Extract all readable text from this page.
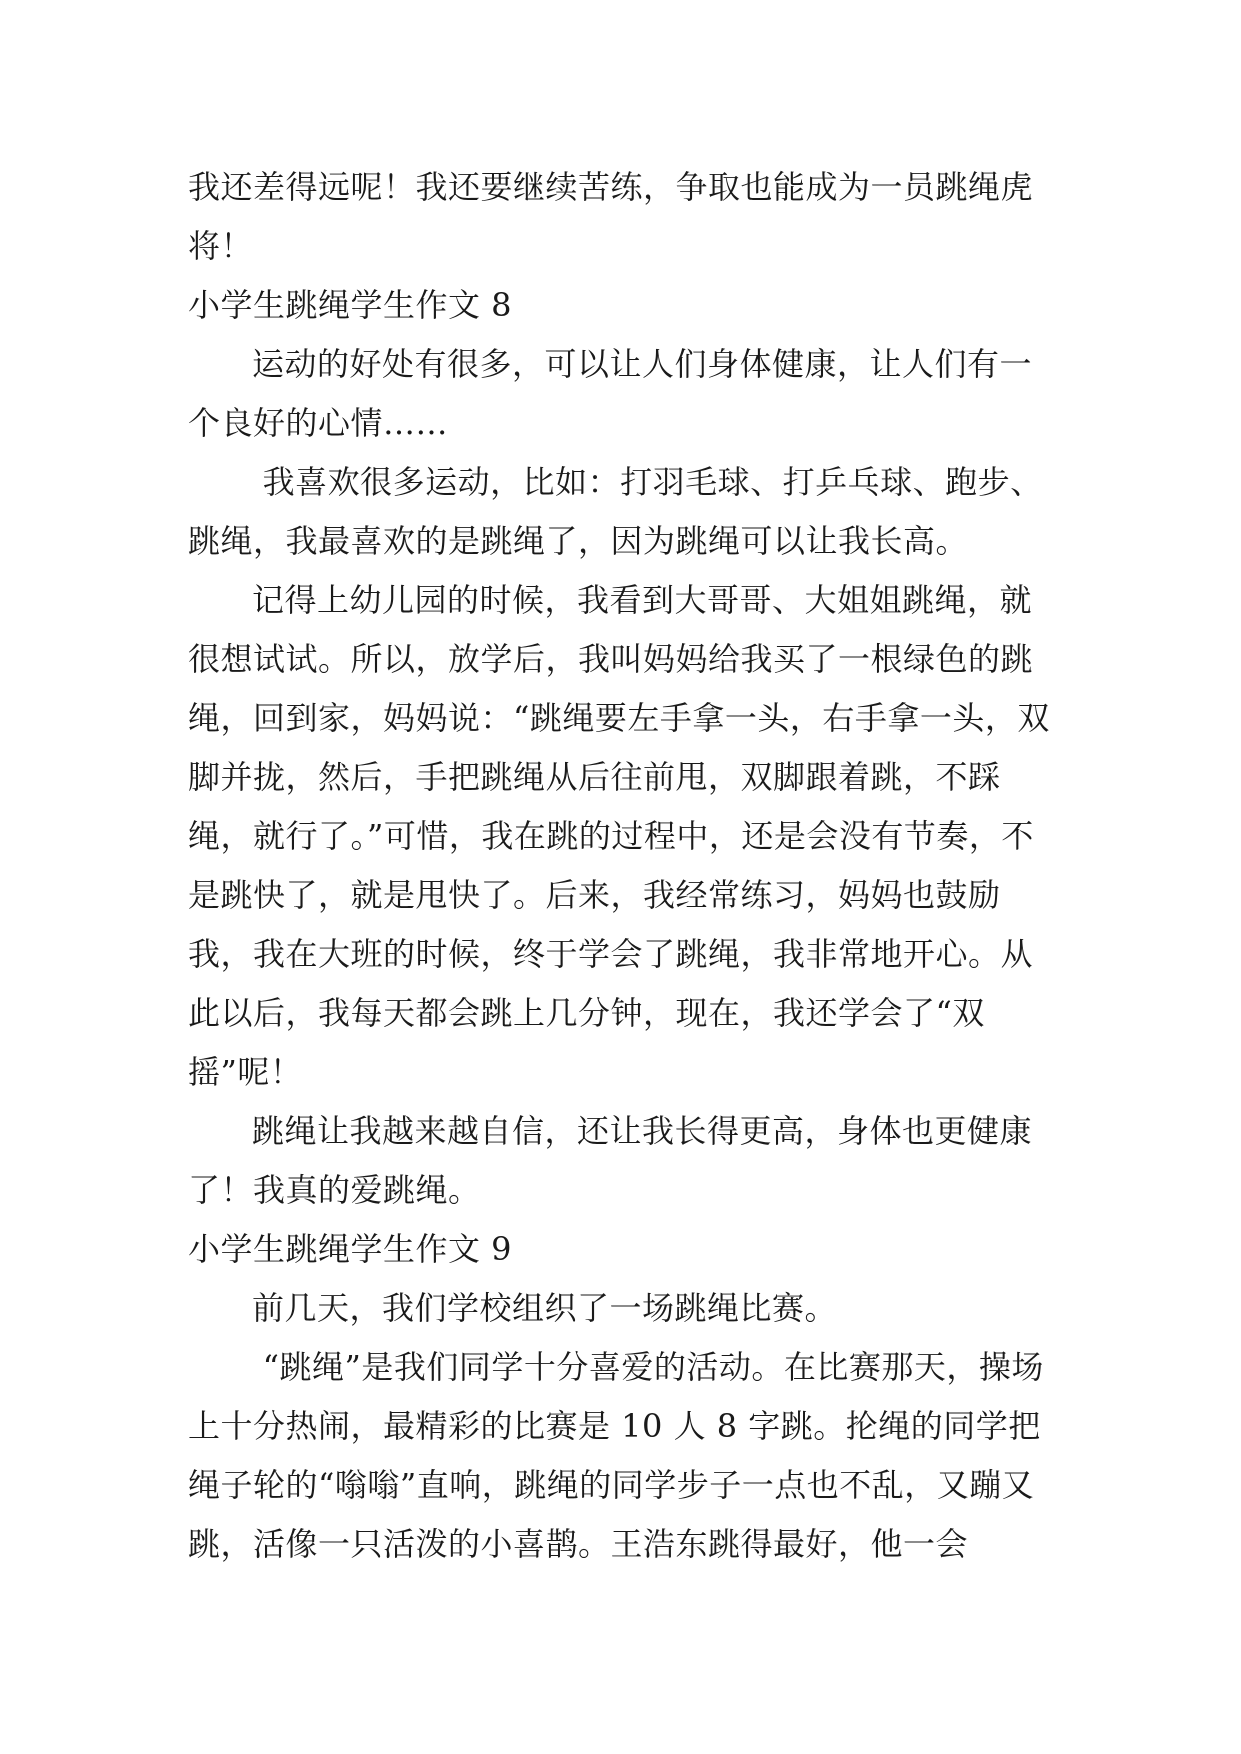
我还差得远呢！我还要继续苦练，争取也能成为一员跳绳虎将！

小学生跳绳学生作文 8

运动的好处有很多，可以让人们身体健康，让人们有一个良好的心情……

我喜欢很多运动，比如：打羽毛球、打乒乓球、跑步、跳绳，我最喜欢的是跳绳了，因为跳绳可以让我长高。

记得上幼儿园的时候，我看到大哥哥、大姐姐跳绳，就很想试试。所以，放学后，我叫妈妈给我买了一根绿色的跳绳，回到家，妈妈说：“跳绳要左手拿一头，右手拿一头，双脚并拢，然后，手把跳绳从后往前甩，双脚跟着跳，不踩绳，就行了。”可惜，我在跳的过程中，还是会没有节奏，不是跳快了，就是甩快了。后来，我经常练习，妈妈也鼓励我，我在大班的时候，终于学会了跳绳，我非常地开心。从此以后，我每天都会跳上几分钟，现在，我还学会了“双摇”呢！

跳绳让我越来越自信，还让我长得更高，身体也更健康了！我真的爱跳绳。

小学生跳绳学生作文 9

前几天，我们学校组织了一场跳绳比赛。

“跳绳”是我们同学十分喜爱的活动。在比赛那天，操场上十分热闹，最精彩的比赛是 10 人 8 字跳。抡绳的同学把绳子轮的“嗡嗡”直响，跳绳的同学步子一点也不乱，又蹦又跳，活像一只活泼的小喜鹊。王浩东跳得最好，他一会
